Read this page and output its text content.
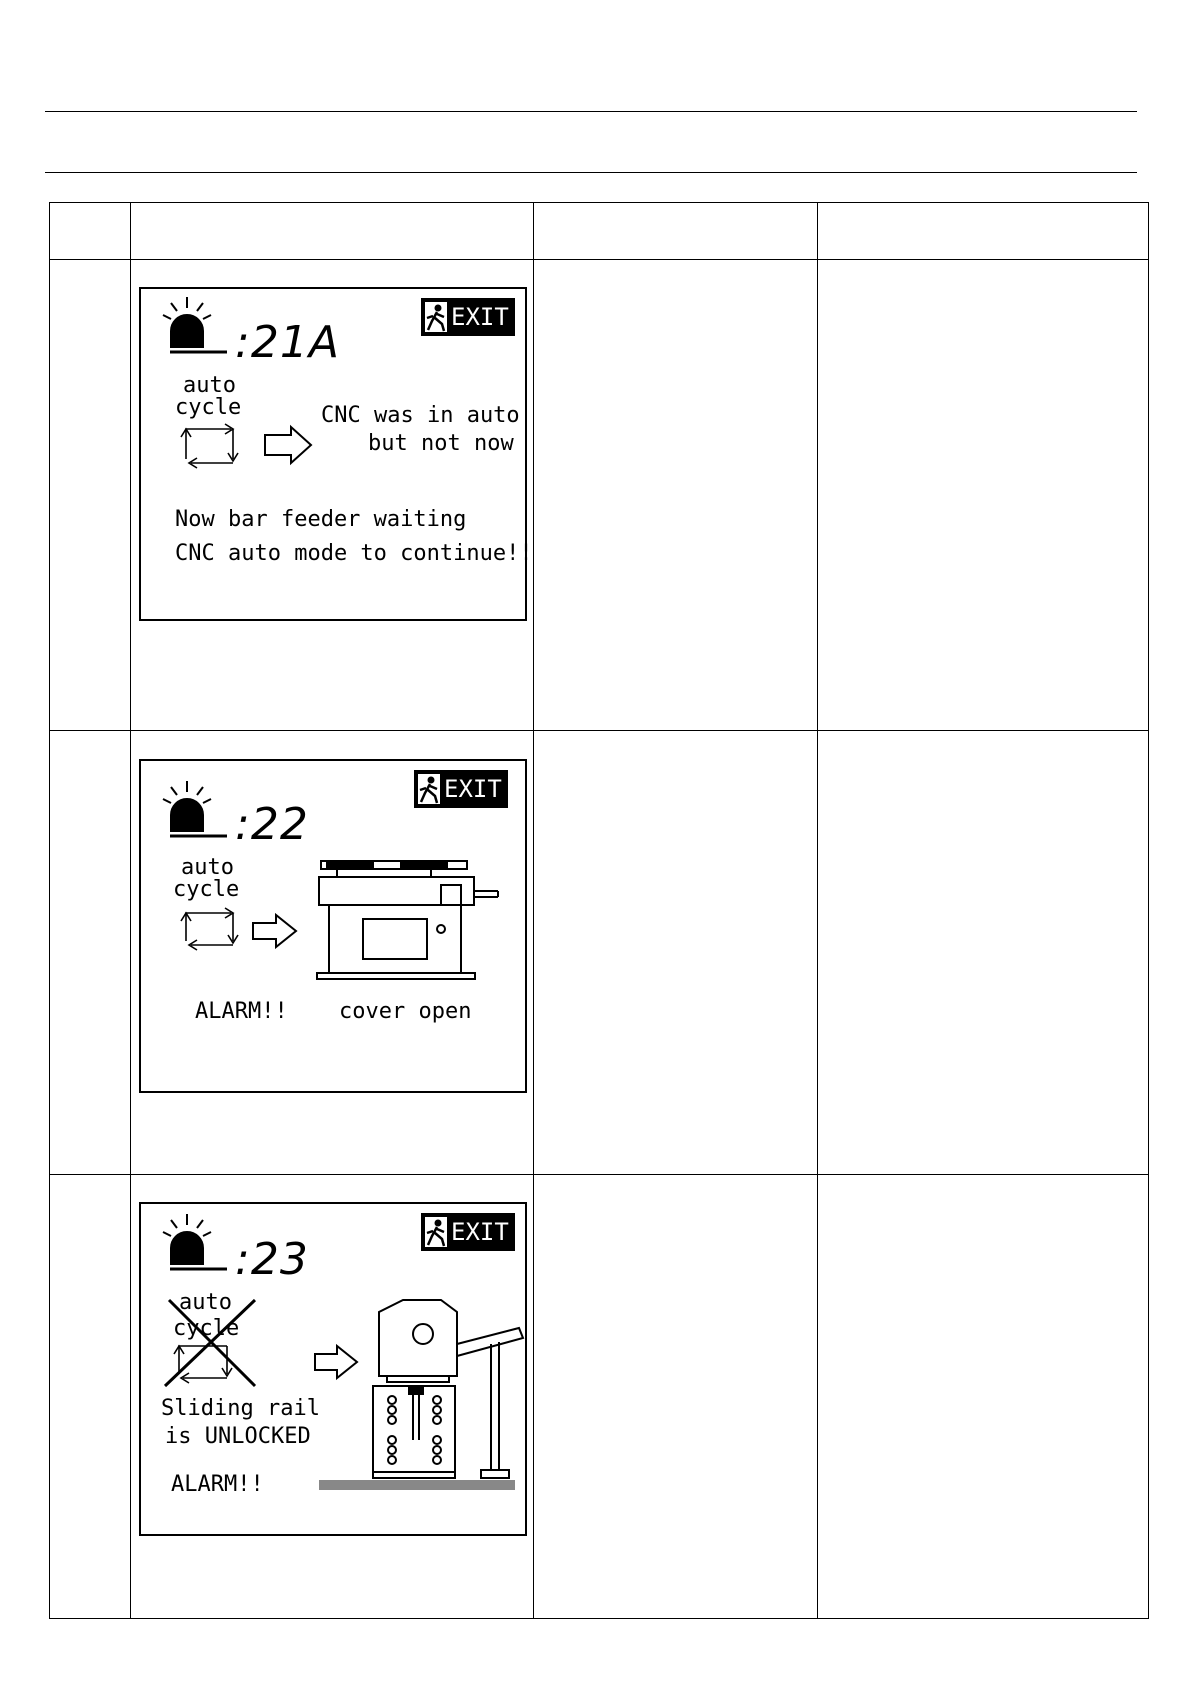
EXIT
:21A
auto
cycle	CNC was in auto
but not now
Now bar feeder waiting
CNC auto mode to continue!!
EXIT
:22
auto
cycle
ALARM!! cover open
EXIT
:23
auto
cycle
Sliding rail
is UNLOCKED
ALARM!!
